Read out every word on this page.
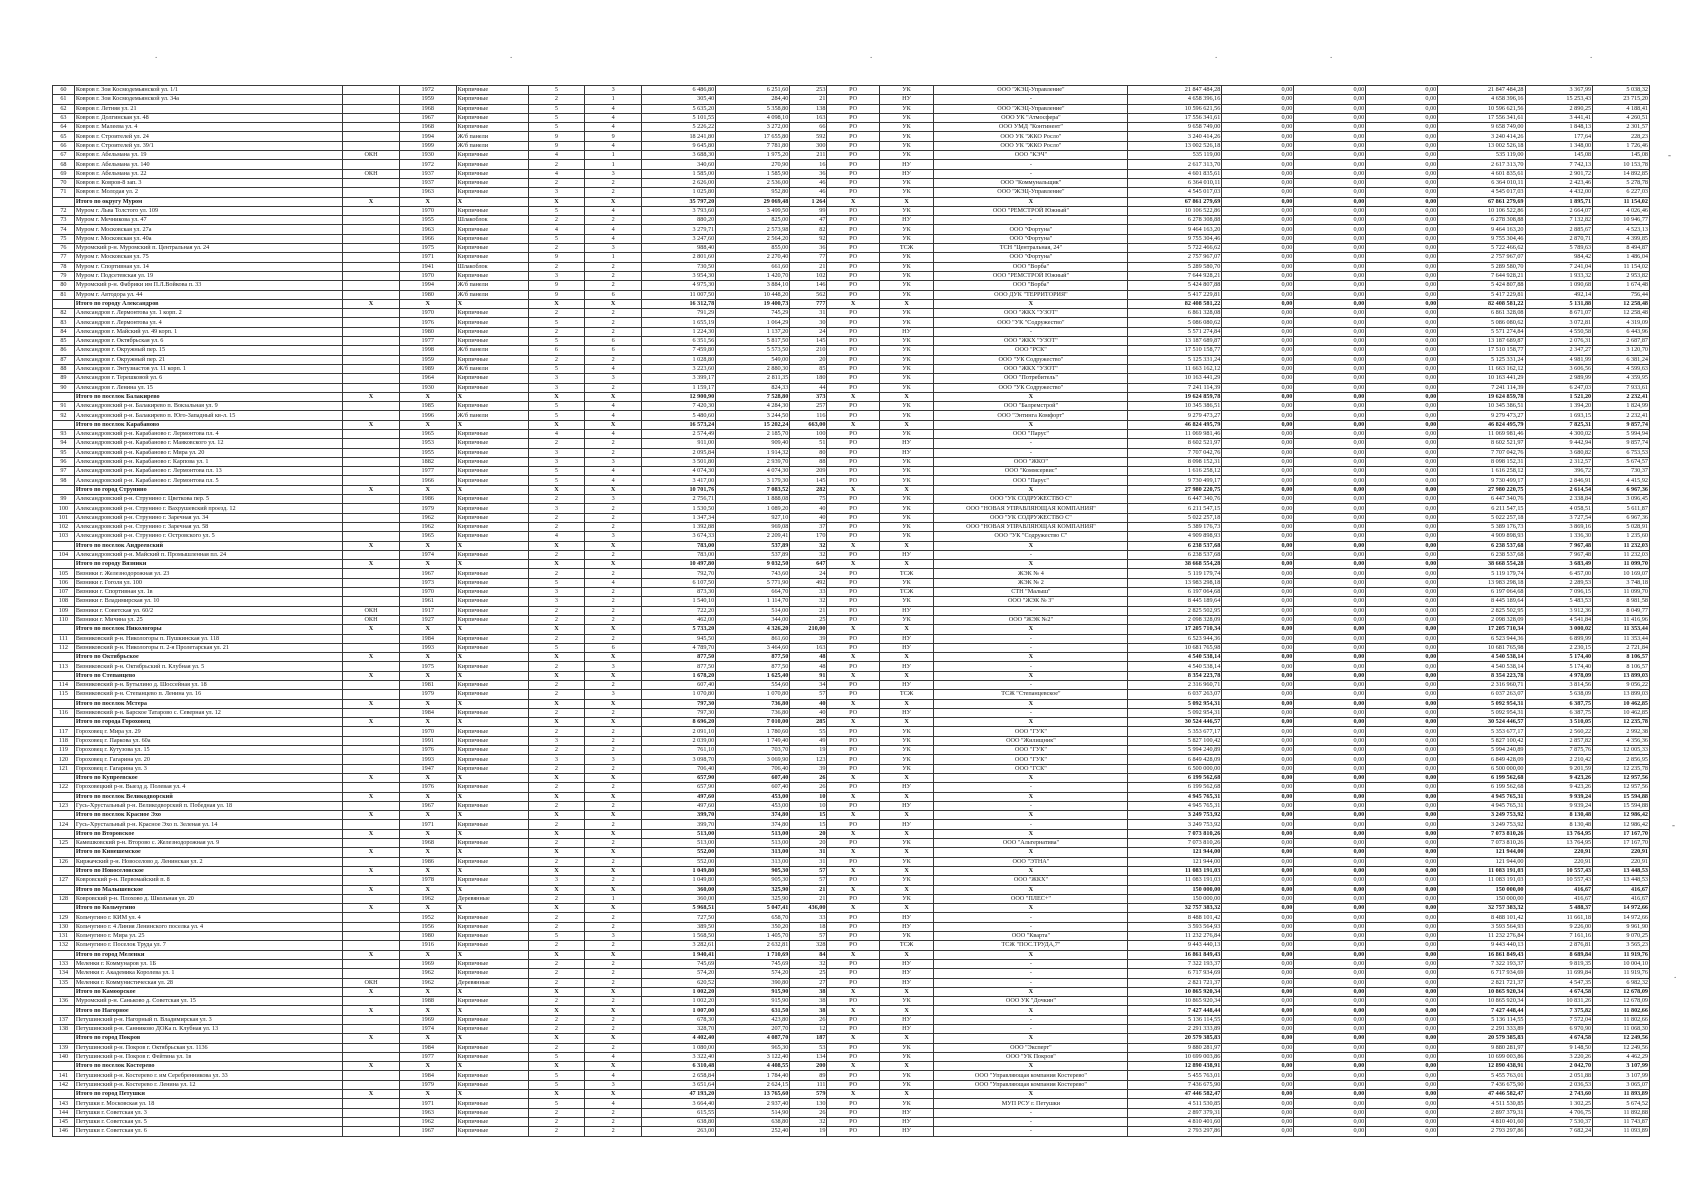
.	.	.	.	.	.
-
-
.
60	Ковров г. Зои Космодемьянской ул. 1/1		1972	Кирпичные	5	3	6 486,80	6 251,60	253	РО	УК	ООО "ЖЭЦ-Управление"	21 847 484,28	0,00	0,00	0,00	21 847 484,28	3 367,99	5 038,32
61	Ковров г. Зои Космодемьянской ул. 34а		1959	Кирпичные	2	1	305,40	284,40	21	РО	НУ	-	4 658 396,16	0,00	0,00	0,00	4 658 396,16	15 253,43	23 715,20
62	Ковров г. Летняя ул. 21		1968	Кирпичные	5	4	5 635,20	5 358,80	138	РО	УК	ООО "ЖЭЦ-Управление"	10 596 621,56	0,00	0,00	0,00	10 596 621,56	2 890,25	4 188,41
63	Ковров г. Долгинская ул. 48		1967	Кирпичные	5	4	5 101,55	4 098,10	163	РО	УК	ООО УК "Атмосфера"	17 556 341,61	0,00	0,00	0,00	17 556 341,61	3 441,41	4 260,51
64	Ковров г. Малеева ул. 4		1968	Кирпичные	5	4	5 226,22	3 272,00	66	РО	УК	ООО УМД "Континент"	9 658 749,00	0,00	0,00	0,00	9 658 749,00	1 848,13	2 301,57
65	Ковров г. Строителей ул. 24		1994	Ж/б панели	9	9	18 241,80	17 655,80	592	РО	УК	ООО УК "ЖКО Росло"	3 240 414,26	0,00	0,00	0,00	3 240 414,26	177,64	228,23
66	Ковров г. Строителей ул. 39/1		1999	Ж/б панели	9	4	9 645,80	7 781,80	300	РО	УК	ООО УК "ЖКО Росло"	13 002 526,18	0,00	0,00	0,00	13 002 526,18	1 348,00	1 726,46
67	Ковров г. Абельмана ул. 19	ОКН	1930	Кирпичные	4	1	3 688,30	1 975,20	211	РО	УК	ООО "КЭЧ"	535 119,00	0,00	0,00	0,00	535 119,00	145,08	145,08
68	Ковров г. Абельмана ул. 140		1972	Кирпичные	2	1	340,60	270,90	16	РО	НУ	-	2 617 313,70	0,00	0,00	0,00	2 617 313,70	7 742,13	10 153,78
69	Ковров г. Абельмана ул. 22	ОКН	1937	Кирпичные	4	3	1 585,00	1 585,90	36	РО	НУ	-	4 601 835,61	0,00	0,00	0,00	4 601 835,61	2 901,72	14 892,85
70	Ковров г. Ковров-8 зап. 3		1937	Кирпичные	2	2	2 626,00	2 536,00	46	РО	УК	ООО "Коммунальщик"	6 364 010,11	0,00	0,00	0,00	6 364 010,11	2 423,46	5 278,78
71	Ковров г. Молодая ул. 2		1963	Кирпичные	3	2	1 025,80	952,80	46	РО	УК	ООО "ЖЭЦ-Управление"	4 545 017,03	0,00	0,00	0,00	4 545 017,03	4 432,00	6 227,03
	Итого по округу Муром	X	X	X	X	X	35 797,20	29 069,48	1 264	X	X	X	67 861 279,69	0,00	0,00	0,00	67 861 279,69	1 895,71	11 154,02
72	Муром г. Льва Толстого ул. 109		1970	Кирпичные	5	4	3 793,60	3 499,50	99	РО	УК	ООО "РЕМСТРОЙ Южный"	10 106 522,86	0,00	0,00	0,00	10 106 522,86	2 664,07	4 026,46
73	Муром г. Мечникова ул. 47		1955	Шлакоблок	2	2	880,20	825,00	47	РО	НУ	-	6 278 308,88	0,00	0,00	0,00	6 278 308,88	7 132,82	10 946,77
74	Муром г. Московская ул. 27а		1963	Кирпичные	4	4	3 279,71	2 573,98	82	РО	УК	ООО "Фортуна"	9 464 163,20	0,00	0,00	0,00	9 464 163,20	2 885,67	4 523,13
75	Муром г. Московская ул. 40а		1966	Кирпичные	5	4	3 247,60	2 564,20	92	РО	УК	ООО "Фортуна"	9 755 304,46	0,00	0,00	0,00	9 755 304,46	2 870,71	4 399,85
76	Муромский р-н. Муромский п. Центральная ул. 24		1975	Кирпичные	2	3	988,40	855,00	36	РО	ТСЖ	ТСН "Центральная, 24"	5 722 466,62	0,00	0,00	0,00	5 722 466,62	5 789,63	8 494,87
77	Муром г. Московская ул. 75		1971	Кирпичные	9	1	2 801,60	2 270,40	77	РО	УК	ООО "Фортуна"	2 757 967,07	0,00	0,00	0,00	2 757 967,07	984,42	1 486,04
78	Муром г. Спортивная ул. 14		1941	Шлакоблок	2	2	730,50	661,60	21	РО	УК	ООО "Ворба"	5 289 580,70	0,00	0,00	0,00	5 289 580,70	7 241,04	11 154,02
79	Муром г. Подсетевская ул. 19		1970	Кирпичные	3	2	3 954,30	1 420,70	102	РО	УК	ООО "РЕМСТРОЙ Южный"	7 644 928,21	0,00	0,00	0,00	7 644 928,21	1 933,32	2 953,82
80	Муромский р-н. Фабрики им П.Л.Войкова п. 33		1994	Ж/б панели	9	2	4 975,30	3 884,10	146	РО	УК	ООО "Ворба"	5 424 807,88	0,00	0,00	0,00	5 424 807,88	1 090,68	1 674,48
81	Муром г. Автодора ул. 44		1980	Ж/б панели	9	6	11 007,50	10 448,20	562	РО	УК	ООО ДУК "ТЕРРИТОРИЯ"	5 417 229,81	0,00	0,00	0,00	5 417 229,81	492,14	756,44
	Итого по городу Александров	X	X	X	X	X	16 312,78	19 400,73	777	X	X	X	82 408 581,22	0,00	0,00	0,00	82 408 581,22	5 131,88	12 258,48
82	Александров г. Лермонтова ул. 1 корп. 2		1970	Кирпичные	2	2	791,29	745,29	31	РО	УК	ООО "ЖКХ "УЗОТ"	6 861 328,08	0,00	0,00	0,00	6 861 328,08	8 671,07	12 258,48
83	Александров г. Лермонтова ул. 4		1976	Кирпичные	5	2	1 655,19	1 064,29	30	РО	УК	ООО "УК "Содружество"	5 086 080,62	0,00	0,00	0,00	5 086 080,62	3 072,81	4 319,09
84	Александров г. Майский ул. 49 корп. 1		1980	Кирпичные	2	2	1 224,30	1 137,20	24	РО	НУ	-	5 571 274,84	0,00	0,00	0,00	5 571 274,84	4 550,58	6 443,96
85	Александров г. Октябрьская ул. 6		1977	Кирпичные	5	6	6 351,56	5 817,50	145	РО	УК	ООО "ЖКХ "УЗОТ"	13 187 689,87	0,00	0,00	0,00	13 187 689,87	2 076,31	2 687,87
86	Александров г. Окружный пер. 15		1998	Ж/б панели	6	6	7 459,80	5 573,50	210	РО	УК	ООО "РСК"	17 510 158,77	0,00	0,00	0,00	17 510 158,77	2 347,27	3 120,70
87	Александров г. Окружный пер. 21		1959	Кирпичные	2	2	1 028,80	549,00	20	РО	УК	ООО "УК Содружество"	5 125 331,24	0,00	0,00	0,00	5 125 331,24	4 981,99	6 381,24
88	Александров г. Энтузиастов ул. 11 корп. 1		1989	Ж/б панели	5	4	3 223,60	2 880,30	85	РО	УК	ООО "ЖКХ "УЗОТ"	11 663 162,12	0,00	0,00	0,00	11 663 162,12	3 606,56	4 599,63
89	Александров г. Терешковой ул. 6		1964	Кирпичные	3	3	3 399,17	2 811,35	180	РО	УК	ООО "Потребитель"	10 163 441,29	0,00	0,00	0,00	10 163 441,29	2 989,99	4 359,95
90	Александров г. Ленина ул. 15		1930	Кирпичные	3	2	1 159,17	824,33	44	РО	УК	ООО "УК Содружество"	7 241 114,39	0,00	0,00	0,00	7 241 114,39	6 247,03	7 933,61
	Итого по поселок Балакирево	X	X	X	X	X	12 900,90	7 528,80	373	X	X	X	19 624 859,78	0,00	0,00	0,00	19 624 859,78	1 521,20	2 232,41
91	Александровский р-н. Балакирево п. Вокзальная ул. 9		1985	Кирпичные	5	4	7 420,30	4 284,30	257	РО	УК	ООО "Балремстрой"	10 345 386,51	0,00	0,00	0,00	10 345 386,51	1 394,20	1 824,99
92	Александровский р-н. Балакирево п. Юго-Западный кв-л. 15		1996	Ж/б панели	5	4	5 480,60	3 244,50	116	РО	УК	ООО "Энтинга Комфорт"	9 279 473,27	0,00	0,00	0,00	9 279 473,27	1 693,15	2 232,41
	Итого по поселок Карабаново	X	X	X	X	X	16 573,24	15 202,24	663,00	X	X	X	46 824 495,79	0,00	0,00	0,00	46 824 495,79	7 825,31	9 857,74
93	Александровский р-н. Карабаново г. Лермонтова пл. 4		1965	Кирпичные	4	4	2 574,49	2 185,70	100	РО	УК	ООО "Парус"	11 069 981,46	0,00	0,00	0,00	11 069 981,46	4 300,02	5 994,94
94	Александровский р-н. Карабаново г. Маяковского ул. 12		1953	Кирпичные	2	2	911,00	909,40	51	РО	НУ	-	8 602 521,97	0,00	0,00	0,00	8 602 521,97	9 442,94	9 857,74
95	Александровский р-н. Карабаново г. Мира ул. 20		1955	Кирпичные	3	2	2 095,84	1 914,32	80	РО	НУ	-	7 707 042,76	0,00	0,00	0,00	7 707 042,76	3 680,82	6 753,53
96	Александровский р-н. Карабаново г. Карпова ул. 1		1882	Кирпичные	3	3	3 501,80	2 939,70	88	РО	УК	ООО "ЖКО"	8 098 152,31	0,00	0,00	0,00	8 098 152,31	2 312,57	5 674,57
97	Александровский р-н. Карабаново г. Лермонтова пл. 13		1977	Кирпичные	5	4	4 074,30	4 074,30	209	РО	УК	ООО "Коммсервис"	1 616 258,12	0,00	0,00	0,00	1 616 258,12	396,72	730,37
98	Александровский р-н. Карабаново г. Лермонтова пл. 5		1966	Кирпичные	5	4	3 417,00	3 179,30	145	РО	УК	ООО "Парус"	9 730 499,17	0,00	0,00	0,00	9 730 499,17	2 846,91	4 415,92
	Итого по город Струнино	X	X	X	X	X	10 701,76	7 083,52	282	X	X	X	27 980 220,75	0,00	0,00	0,00	27 980 220,75	2 614,54	6 967,36
99	Александровский р-н. Струнино г. Цветкова пер. 5		1986	Кирпичные	2	3	2 756,71	1 888,08	75	РО	УК	ООО "УК СОДРУЖЕСТВО С"	6 447 340,76	0,00	0,00	0,00	6 447 340,76	2 338,84	3 096,45
100	Александровский р-н. Струнино г. Вахрушевский проезд. 12		1979	Кирпичные	3	2	1 530,50	1 089,20	40	РО	УК	ООО "НОВАЯ УПРАВЛЯЮЩАЯ КОМПАНИЯ"	6 211 547,15	0,00	0,00	0,00	6 211 547,15	4 058,51	5 611,87
101	Александровский р-н. Струнино г. Заречная ул. 34		1962	Кирпичные	2	2	1 347,34	927,10	40	РО	УК	ООО "УК СОДРУЖЕСТВО С"	5 022 257,18	0,00	0,00	0,00	5 022 257,18	3 727,54	6 967,36
102	Александровский р-н. Струнино г. Заречная ул. 58		1962	Кирпичные	2	2	1 392,88	969,08	37	РО	УК	ООО "НОВАЯ УПРАВЛЯЮЩАЯ КОМПАНИЯ"	5 389 176,73	0,00	0,00	0,00	5 389 176,73	3 869,16	5 028,91
103	Александровский р-н. Струнино г. Островского ул. 5		1965	Кирпичные	4	3	3 674,33	2 209,41	170	РО	УК	ООО "УК "Содружество С"	4 909 898,93	0,00	0,00	0,00	4 909 898,93	1 336,30	1 235,60
	Итого по поселок Андреевский	X	X	X	X	X	783,00	537,89	32	X	X	X	6 238 537,68	0,00	0,00	0,00	6 238 537,68	7 967,48	11 232,03
104	Александровский р-н. Майский п. Промышленная пл. 24		1974	Кирпичные	2	2	783,00	537,89	32	РО	НУ	-	6 238 537,68	0,00	0,00	0,00	6 238 537,68	7 967,48	11 232,03
	Итого по городу Вязники	X	X	X	X	X	10 497,80	9 032,50	647	X	X	X	38 668 554,28	0,00	0,00	0,00	38 668 554,28	3 683,49	11 099,70
105	Вязники г. Железнодорожная ул. 23		1967	Кирпичные	2	2	792,70	743,60	24	РО	ТСЖ	ЖЭК № 4	5 119 179,74	0,00	0,00	0,00	5 119 179,74	6 457,00	10 169,07
106	Вязники г. Гоголя ул. 100		1973	Кирпичные	5	4	6 107,50	5 771,90	492	РО	УК	ЖЭК № 2	13 983 298,18	0,00	0,00	0,00	13 983 298,18	2 289,53	3 748,18
107	Вязники г. Спортивная ул. 1в		1970	Кирпичные	3	2	873,30	664,70	33	РО	ТСЖ	СТН "Малыш"	6 197 064,68	0,00	0,00	0,00	6 197 064,68	7 096,15	11 099,70
108	Вязники г. Владимирская ул. 10		1961	Кирпичные	3	2	1 540,10	1 114,70	32	РО	УК	ООО "ЖЭК № 3"	8 445 189,64	0,00	0,00	0,00	8 445 189,64	5 483,53	8 981,58
109	Вязники г. Советская ул. 60/2	ОКН	1917	Кирпичные	2	2	722,20	514,00	21	РО	НУ	-	2 825 502,95	0,00	0,00	0,00	2 825 502,95	3 912,36	8 049,77
110	Вязники г. Мичина ул. 25	ОКН	1927	Кирпичные	2	2	462,00	344,00	25	РО	УК	ООО "ЖЭК №2"	2 098 328,09	0,00	0,00	0,00	2 098 328,09	4 541,84	11 416,96
	Итого по поселок Никологоры	X	X	X	X	X	5 733,20	4 326,20	210,00	X	X	X	17 205 710,34	0,00	0,00	0,00	17 205 710,34	3 000,02	11 353,44
111	Вязниковский р-н. Никологоры п. Пушкинская ул. 118		1984	Кирпичные	2	2	945,50	861,60	39	РО	НУ	-	6 523 944,36	0,00	0,00	0,00	6 523 944,36	6 899,99	11 353,44
112	Вязниковский р-н. Никологоры п. 2-я Пролетарская ул. 21		1993	Кирпичные	5	6	4 789,70	3 464,60	163	РО	НУ	-	10 681 765,98	0,00	0,00	0,00	10 681 765,98	2 230,15	2 721,84
	Итого по Октябрьское	X	X	X	X	X	877,50	877,50	48	X	X	X	4 540 538,14	0,00	0,00	0,00	4 540 538,14	5 174,40	8 106,57
113	Вязниковский р-н. Октябрьский п. Клубная ул. 5		1975	Кирпичные	2	3	877,50	877,50	48	РО	НУ	-	4 540 538,14	0,00	0,00	0,00	4 540 538,14	5 174,40	8 106,57
	Итого по Степанцево	X	X	X	X	X	1 678,20	1 625,40	91	X	X	X	8 354 223,78	0,00	0,00	0,00	8 354 223,78	4 978,09	13 899,03
114	Вязниковский р-н. Бутылино д. Шоссейная ул. 18		1981	Кирпичные	2	2	607,40	554,60	34	РО	НУ	-	2 316 960,71	0,00	0,00	0,00	2 316 960,71	3 814,56	9 056,22
115	Вязниковский р-н. Степанцево п. Ленина ул. 16		1979	Кирпичные	2	3	1 070,80	1 070,80	57	РО	ТСЖ	ТСЖ "Степанцевское"	6 037 263,07	0,00	0,00	0,00	6 037 263,07	5 638,09	13 899,03
	Итого по поселок Мстера	X	X	X	X	X	797,30	736,80	40	X	X	X	5 092 954,31	0,00	0,00	0,00	5 092 954,31	6 387,75	10 462,85
116	Вязниковский р-н. Барское Татарово с. Северная ул. 12		1984	Кирпичные	2	2	797,30	736,80	40	РО	НУ	-	5 092 954,31	0,00	0,00	0,00	5 092 954,31	6 387,75	10 462,85
	Итого по города Гороховец	X	X	X	X	X	8 696,20	7 010,00	285	X	X	X	30 524 446,57	0,00	0,00	0,00	30 524 446,57	3 510,05	12 235,78
117	Гороховец г. Мира ул. 29		1970	Кирпичные	2	2	2 091,10	1 780,60	55	РО	УК	ООО "ГУК"	5 353 677,17	0,00	0,00	0,00	5 353 677,17	2 560,22	2 992,38
118	Гороховец г. Паркова ул. 60а		1991	Кирпичные	3	2	2 039,00	1 749,40	49	РО	УК	ООО "Жилищник"	5 827 100,42	0,00	0,00	0,00	5 827 100,42	2 857,82	4 356,36
119	Гороховец г. Кутузова ул. 15		1976	Кирпичные	2	2	761,10	703,70	19	РО	УК	ООО "ГУК"	5 994 240,89	0,00	0,00	0,00	5 994 240,89	7 875,76	12 005,33
120	Гороховец г. Гагарина ул. 20		1993	Кирпичные	3	3	3 098,70	3 069,90	123	РО	УК	ООО "ГУК"	6 849 428,09	0,00	0,00	0,00	6 849 428,09	2 210,42	2 856,95
121	Гороховец г. Гагарина ул. 3		1947	Кирпичные	2	2	706,40	706,40	39	РО	УК	ООО "ГСК"	6 500 000,00	0,00	0,00	0,00	6 500 000,00	9 201,59	12 235,78
	Итого по Купреевское	X	X	X	X	X	657,90	607,40	26	X	X	X	6 199 562,68	0,00	0,00	0,00	6 199 562,68	9 423,26	12 957,56
122	Гороховецкий р-н. Выезд д. Полевая ул. 4		1976	Кирпичные	2	2	657,90	607,40	26	РО	НУ	-	6 199 562,68	0,00	0,00	0,00	6 199 562,68	9 423,26	12 957,56
	Итого по поселок Великодворский	X	X	X	X	X	497,60	453,00	10	X	X	X	4 945 765,31	0,00	0,00	0,00	4 945 765,31	9 939,24	15 594,88
123	Гусь-Хрустальный р-н. Великодворский п. Победная ул. 18		1967	Кирпичные	2	2	497,60	453,00	10	РО	НУ	-	4 945 765,31	0,00	0,00	0,00	4 945 765,31	9 939,24	15 594,88
	Итого по поселок Красное Эхо	X	X	X	X	X	399,70	374,80	15	X	X	X	3 249 753,92	0,00	0,00	0,00	3 249 753,92	8 130,48	12 986,42
124	Гусь-Хрустальный р-н. Красное Эхо п. Зеленая ул. 14		1971	Кирпичные	2	2	399,70	374,80	15	РО	НУ	-	3 249 753,92	0,00	0,00	0,00	3 249 753,92	8 130,48	12 986,42
	Итого по Второвское	X	X	X	X	X	513,00	513,00	20	X	X	X	7 073 810,26	0,00	0,00	0,00	7 073 810,26	13 764,95	17 167,70
125	Камешковский р-н. Второво с. Железнодорожная ул. 9		1968	Кирпичные	2	2	513,00	513,00	20	РО	УК	ООО "Альтернатива"	7 073 810,26	0,00	0,00	0,00	7 073 810,26	13 764,95	17 167,70
	Итого по Кинешемское	X	X	X	X	X	552,00	313,00	31	X	X	X	121 944,00	0,00	0,00	0,00	121 944,00	220,91	220,91
126	Киржачский р-н. Новоселово д. Ленинская ул. 2		1986	Кирпичные	2	2	552,00	313,00	31	РО	УК	ООО "ЭТНА"	121 944,00	0,00	0,00	0,00	121 944,00	220,91	220,91
	Итого по Новоселовское	X	X	X	X	X	1 049,80	905,30	57	X	X	X	11 083 191,03	0,00	0,00	0,00	11 083 191,03	10 557,43	13 448,53
127	Ковровский р-н. Первомайский п. 8		1978	Кирпичные	3	2	1 049,80	905,30	57	РО	УК	ООО "ЖКХ"	11 083 191,03	0,00	0,00	0,00	11 083 191,03	10 557,43	13 448,53
	Итого по Малышевское	X	X	X	X	X	360,00	325,90	21	X	X	X	150 000,00	0,00	0,00	0,00	150 000,00	416,67	416,67
128	Ковровский р-н. Плохово д. Школьная ул. 20		1962	Деревянные	2	1	360,00	325,90	21	РО	УК	ООО "ПЛЕС+"	150 000,00	0,00	0,00	0,00	150 000,00	416,67	416,67
	Итого по Кольчугино	X	X	X	X	X	5 968,51	5 047,41	436,00	X	X	X	32 757 383,32	0,00	0,00	0,00	32 757 383,32	5 488,37	14 972,66
129	Кольчугино г. КИМ ул. 4		1952	Кирпичные	2	2	727,50	658,70	33	РО	НУ	-	8 488 101,42	0,00	0,00	0,00	8 488 101,42	11 661,18	14 972,66
130	Кольчугино г. 4 Линия Ленинского поселка ул. 4		1956	Кирпичные	2	2	389,50	350,20	18	РО	НУ	-	3 593 564,93	0,00	0,00	0,00	3 593 564,93	9 226,00	9 961,90
131	Кольчугино г. Мира ул. 25		1980	Кирпичные	5	3	1 568,50	1 405,70	57	РО	УК	ООО "Кварта"	11 232 276,84	0,00	0,00	0,00	11 232 276,84	7 161,16	9 070,25
132	Кольчугино г. Поселок Труда ул. 7		1916	Кирпичные	2	2	3 282,61	2 632,81	328	РО	ТСЖ	ТСЖ "ПОС.ТРУДА,7"	9 443 440,13	0,00	0,00	0,00	9 443 440,13	2 876,81	3 565,23
	Итого по город Меленки	X	X	X	X	X	1 940,41	1 710,69	84	X	X	X	16 861 849,43	0,00	0,00	0,00	16 861 849,43	8 689,84	11 919,76
133	Меленки г. Коммунаров ул. 1Б		1969	Кирпичные	2	2	745,69	745,69	32	РО	НУ	-	7 322 193,37	0,00	0,00	0,00	7 322 193,37	9 819,35	10 004,10
134	Меленки г. Академика Королева ул. 1		1962	Кирпичные	2	2	574,20	574,20	25	РО	НУ	-	6 717 934,69	0,00	0,00	0,00	6 717 934,69	11 699,84	11 919,76
135	Меленки г. Коммунистическая ул. 28	ОКН	1962	Деревянные	2	2	620,52	390,80	27	РО	НУ	-	2 821 721,37	0,00	0,00	0,00	2 821 721,37	4 547,35	6 982,32
	Итого по Камоорское	X	X	X	X	X	1 002,20	915,90	38	X	X	X	10 865 920,34	0,00	0,00	0,00	10 865 920,34	4 674,58	12 678,09
136	Муромский р-н. Саньково д. Советская ул. 15		1988	Кирпичные	2	2	1 002,20	915,90	38	РО	УК	ООО УК "Дочкин"	10 865 920,34	0,00	0,00	0,00	10 865 920,34	10 831,26	12 678,09
	Итого по Нагорное	X	X	X	X	X	1 007,00	631,50	38	X	X	X	7 427 448,44	0,00	0,00	0,00	7 427 448,44	7 375,82	11 802,66
137	Петушинский р-н. Нагорный п. Владимирская ул. 3		1969	Кирпичные	2	2	678,30	423,80	26	РО	НУ	-	5 136 114,55	0,00	0,00	0,00	5 136 114,55	7 572,04	11 802,66
138	Петушинский р-н. Санниково ДОКа п. Клубная ул. 13		1974	Кирпичные	2	2	328,70	207,70	12	РО	НУ	-	2 291 333,89	0,00	0,00	0,00	2 291 333,89	6 970,90	11 068,30
	Итого по город Покров	X	X	X	X	X	4 402,40	4 087,70	187	X	X	X	20 579 385,83	0,00	0,00	0,00	20 579 385,83	4 674,58	12 249,56
139	Петушинский р-н. Покров г. Октябрьская ул. 1136		1984	Кирпичные	2	2	1 080,00	965,30	53	РО	УК	ООО "Эксперт"	9 880 281,97	0,00	0,00	0,00	9 880 281,97	9 148,50	12 249,56
140	Петушинский р-н. Покров г. Фейтина ул. 1в		1977	Кирпичные	5	4	3 322,40	3 122,40	134	РО	УК	ООО "УК Покров"	10 699 003,86	0,00	0,00	0,00	10 699 003,86	3 220,26	4 462,29
	Итого по поселок Костерево	X	X	X	X	X	6 310,48	4 408,55	200	X	X	X	12 890 438,91	0,00	0,00	0,00	12 890 438,91	2 042,70	3 107,99
141	Петушинский р-н. Костерево г. им Серебренникова ул. 33		1984	Кирпичные	5	4	2 658,84	1 784,40	89	РО	УК	ООО "Управляющая компания Костерево"	5 455 763,01	0,00	0,00	0,00	5 455 763,01	2 051,88	3 107,99
142	Петушинский р-н. Костерево г. Ленина ул. 12		1979	Кирпичные	5	3	3 651,64	2 624,15	111	РО	УК	ООО "Управляющая компания Костерево"	7 436 675,90	0,00	0,00	0,00	7 436 675,90	2 036,53	3 065,07
	Итого по город Петушки	X	X	X	X	X	47 193,20	13 765,60	579	X	X	X	47 446 582,47	0,00	0,00	0,00	47 446 582,47	2 743,60	11 893,89
143	Петушки г. Московская ул. 18		1971	Кирпичные	5	4	3 664,40	2 937,40	130	РО	УК	МУП РСУ г. Петушки	4 511 530,85	0,00	0,00	0,00	4 511 530,85	1 302,25	5 674,52
144	Петушки г. Советская ул. 3		1963	Кирпичные	2	2	615,55	514,90	26	РО	НУ	-	2 897 379,31	0,00	0,00	0,00	2 897 379,31	4 706,75	11 892,88
145	Петушки г. Советская ул. 5		1962	Кирпичные	2	2	638,80	638,80	32	РО	НУ	-	4 810 401,60	0,00	0,00	0,00	4 810 401,60	7 530,37	11 743,87
146	Петушки г. Советская ул. 6		1967	Кирпичные	2	2	263,00	252,40	19	РО	НУ	-	2 793 297,86	0,00	0,00	0,00	2 793 297,86	7 682,24	11 093,89
